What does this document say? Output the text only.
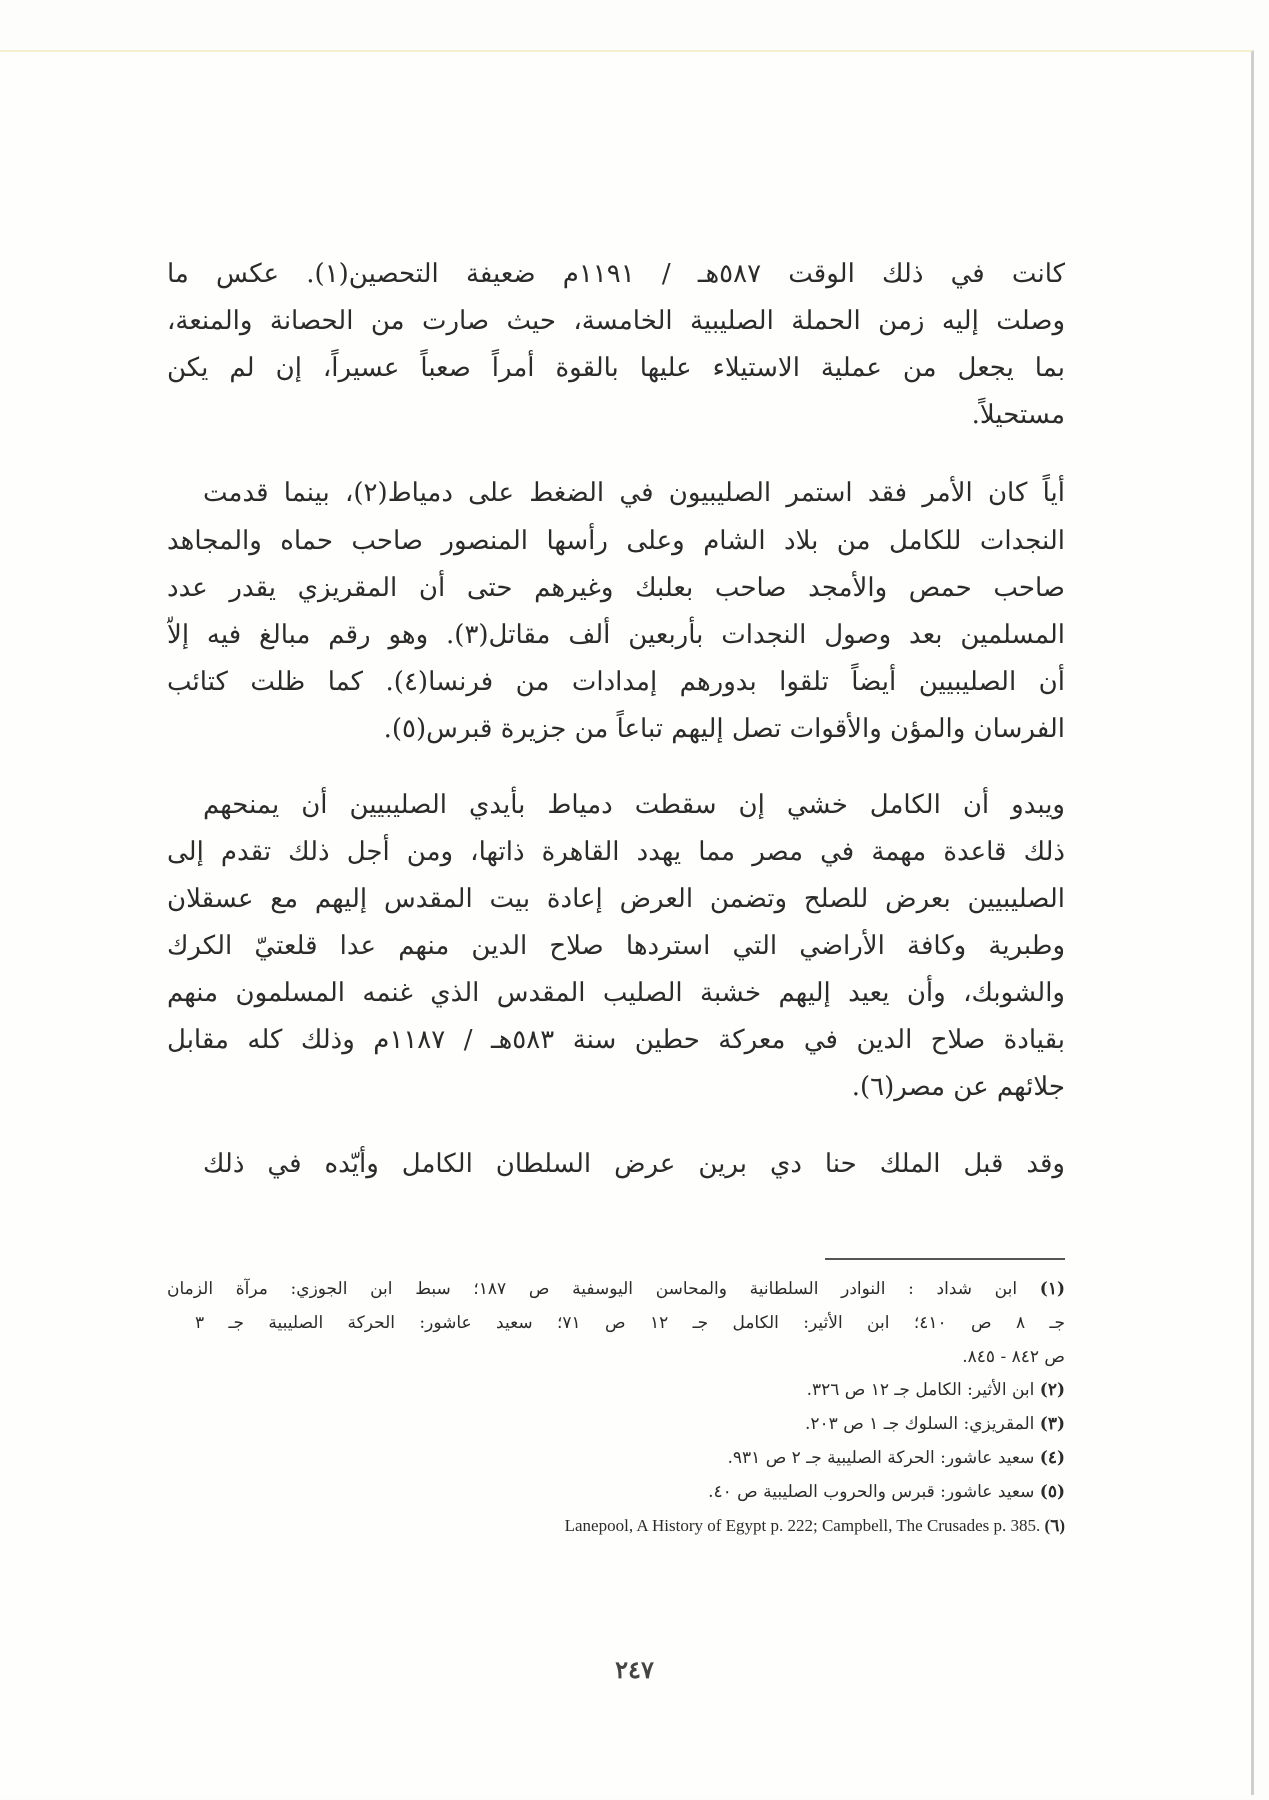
كانت في ذلك الوقت ٥٨٧هـ / ١١٩١م ضعيفة التحصين(١). عكس ما
وصلت إليه زمن الحملة الصليبية الخامسة، حيث صارت من الحصانة والمنعة،
بما يجعل من عملية الاستيلاء عليها بالقوة أمراً صعباً عسيراً، إن لم يكن
مستحيلاً.
أياً كان الأمر فقد استمر الصليبيون في الضغط على دمياط(٢)، بينما قدمت
النجدات للكامل من بلاد الشام وعلى رأسها المنصور صاحب حماه والمجاهد
صاحب حمص والأمجد صاحب بعلبك وغيرهم حتى أن المقريزي يقدر عدد
المسلمين بعد وصول النجدات بأربعين ألف مقاتل(٣). وهو رقم مبالغ فيه إلاّ
أن الصليبيين أيضاً تلقوا بدورهم إمدادات من فرنسا(٤). كما ظلت كتائب
الفرسان والمؤن والأقوات تصل إليهم تباعاً من جزيرة قبرس(٥).
ويبدو أن الكامل خشي إن سقطت دمياط بأيدي الصليبيين أن يمنحهم
ذلك قاعدة مهمة في مصر مما يهدد القاهرة ذاتها، ومن أجل ذلك تقدم إلى
الصليبيين بعرض للصلح وتضمن العرض إعادة بيت المقدس إليهم مع عسقلان
وطبرية وكافة الأراضي التي استردها صلاح الدين منهم عدا قلعتيّ الكرك
والشوبك، وأن يعيد إليهم خشبة الصليب المقدس الذي غنمه المسلمون منهم
بقيادة صلاح الدين في معركة حطين سنة ٥٨٣هـ / ١١٨٧م وذلك كله مقابل
جلائهم عن مصر(٦).
وقد قبل الملك حنا دي برين عرض السلطان الكامل وأيّده في ذلك
(١) ابن شداد : النوادر السلطانية والمحاسن اليوسفية ص ١٨٧؛ سبط ابن الجوزي: مرآة الزمان
جـ ٨ ص ٤١٠؛ ابن الأثير: الكامل جـ ١٢ ص ٧١؛ سعيد عاشور: الحركة الصليبية جـ ٣
ص ٨٤٢ - ٨٤٥.
(٢) ابن الأثير: الكامل جـ ١٢ ص ٣٢٦.
(٣) المقريزي: السلوك جـ ١ ص ٢٠٣.
(٤) سعيد عاشور: الحركة الصليبية جـ ٢ ص ٩٣١.
(٥) سعيد عاشور: قبرس والحروب الصليبية ص ٤٠.
Lanepool, A History of Egypt p. 222; Campbell, The Crusades p. 385. (٦)
٢٤٧
